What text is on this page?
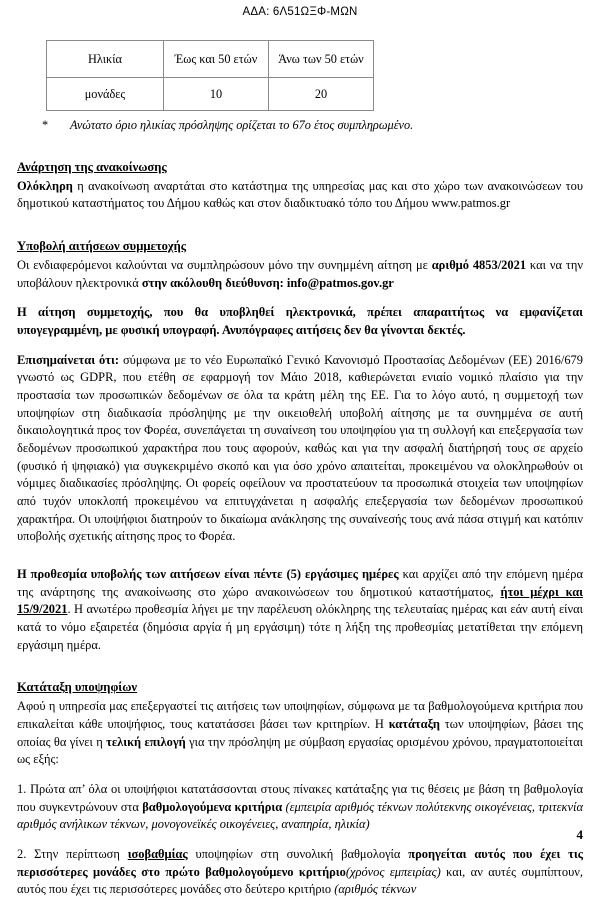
ΑΔΑ: 6Λ51ΩΞΦ-ΜΩΝ
Ηλικία	Έως και 50 ετών	Άνω των 50 ετών
μονάδες	10	20
* Ανώτατο όριο ηλικίας πρόσληψης ορίζεται το 67ο έτος συμπληρωμένο.
Ανάρτηση της ανακοίνωσης

Ολόκληρη η ανακοίνωση αναρτάται στο κατάστημα της υπηρεσίας μας και στο χώρο των ανακοινώσεων του δημοτικού καταστήματος του Δήμου καθώς και στον διαδικτυακό τόπο του Δήμου www.patmos.gr

Υποβολή αιτήσεων συμμετοχής

Οι ενδιαφερόμενοι καλούνται να συμπληρώσουν μόνο την συνημμένη αίτηση με αριθμό 4853/2021 και να την υποβάλουν ηλεκτρονικά στην ακόλουθη διεύθυνση: info@patmos.gov.gr

Η αίτηση συμμετοχής, που θα υποβληθεί ηλεκτρονικά, πρέπει απαραιτήτως να εμφανίζεται υπογεγραμμένη, με φυσική υπογραφή. Ανυπόγραφες αιτήσεις δεν θα γίνονται δεκτές.

Επισημαίνεται ότι: σύμφωνα με το νέο Ευρωπαϊκό Γενικό Κανονισμό Προστασίας Δεδομένων (ΕΕ) 2016/679 γνωστό ως GDPR, που ετέθη σε εφαρμογή τον Μάιο 2018, καθιερώνεται ενιαίο νομικό πλαίσιο για την προστασία των προσωπικών δεδομένων σε όλα τα κράτη μέλη της ΕΕ. Για το λόγο αυτό, η συμμετοχή των υποψηφίων στη διαδικασία πρόσληψης με την οικειοθελή υποβολή αίτησης με τα συνημμένα σε αυτή δικαιολογητικά προς τον Φορέα, συνεπάγεται τη συναίνεση του υποψηφίου για τη συλλογή και επεξεργασία των δεδομένων προσωπικού χαρακτήρα που τους αφορούν, καθώς και για την ασφαλή διατήρησή τους σε αρχείο (φυσικό ή ψηφιακό) για συγκεκριμένο σκοπό και για όσο χρόνο απαιτείται, προκειμένου να ολοκληρωθούν οι νόμιμες διαδικασίες πρόσληψης. Οι φορείς οφείλουν να προστατεύουν τα προσωπικά στοιχεία των υποψηφίων από τυχόν υποκλοπή προκειμένου να επιτυγχάνεται η ασφαλής επεξεργασία των δεδομένων προσωπικού χαρακτήρα. Οι υποψήφιοι διατηρούν το δικαίωμα ανάκλησης της συναίνεσής τους ανά πάσα στιγμή και κατόπιν υποβολής σχετικής αίτησης προς το Φορέα.

Η προθεσμία υποβολής των αιτήσεων είναι πέντε (5) εργάσιμες ημέρες και αρχίζει από την επόμενη ημέρα της ανάρτησης της ανακοίνωσης στο χώρο ανακοινώσεων του δημοτικού καταστήματος, ήτοι μέχρι και 15/9/2021. Η ανωτέρω προθεσμία λήγει με την παρέλευση ολόκληρης της τελευταίας ημέρας και εάν αυτή είναι κατά το νόμο εξαιρετέα (δημόσια αργία ή μη εργάσιμη) τότε η λήξη της προθεσμίας μετατίθεται την επόμενη εργάσιμη ημέρα.

Κατάταξη υποψηφίων

Αφού η υπηρεσία μας επεξεργαστεί τις αιτήσεις των υποψηφίων, σύμφωνα με τα βαθμολογούμενα κριτήρια που επικαλείται κάθε υποψήφιος, τους κατατάσσει βάσει των κριτηρίων. Η κατάταξη των υποψηφίων, βάσει της οποίας θα γίνει η τελική επιλογή για την πρόσληψη με σύμβαση εργασίας ορισμένου χρόνου, πραγματοποιείται ως εξής:

1. Πρώτα απ’ όλα οι υποψήφιοι κατατάσσονται στους πίνακες κατάταξης για τις θέσεις με βάση τη βαθμολογία που συγκεντρώνουν στα βαθμολογούμενα κριτήρια (εμπειρία αριθμός τέκνων πολύτεκνης οικογένειας, τριτεκνία αριθμός ανήλικων τέκνων, μονογονεϊκές οικογένειες, αναπηρία, ηλικία)

2. Στην περίπτωση ισοβαθμίας υποψηφίων στη συνολική βαθμολογία προηγείται αυτός που έχει τις περισσότερες μονάδες στο πρώτο βαθμολογούμενο κριτήριο(χρόνος εμπειρίας) και, αν αυτές συμπίπτουν, αυτός που έχει τις περισσότερες μονάδες στο δεύτερο κριτήριο (αριθμός τέκνων

4
